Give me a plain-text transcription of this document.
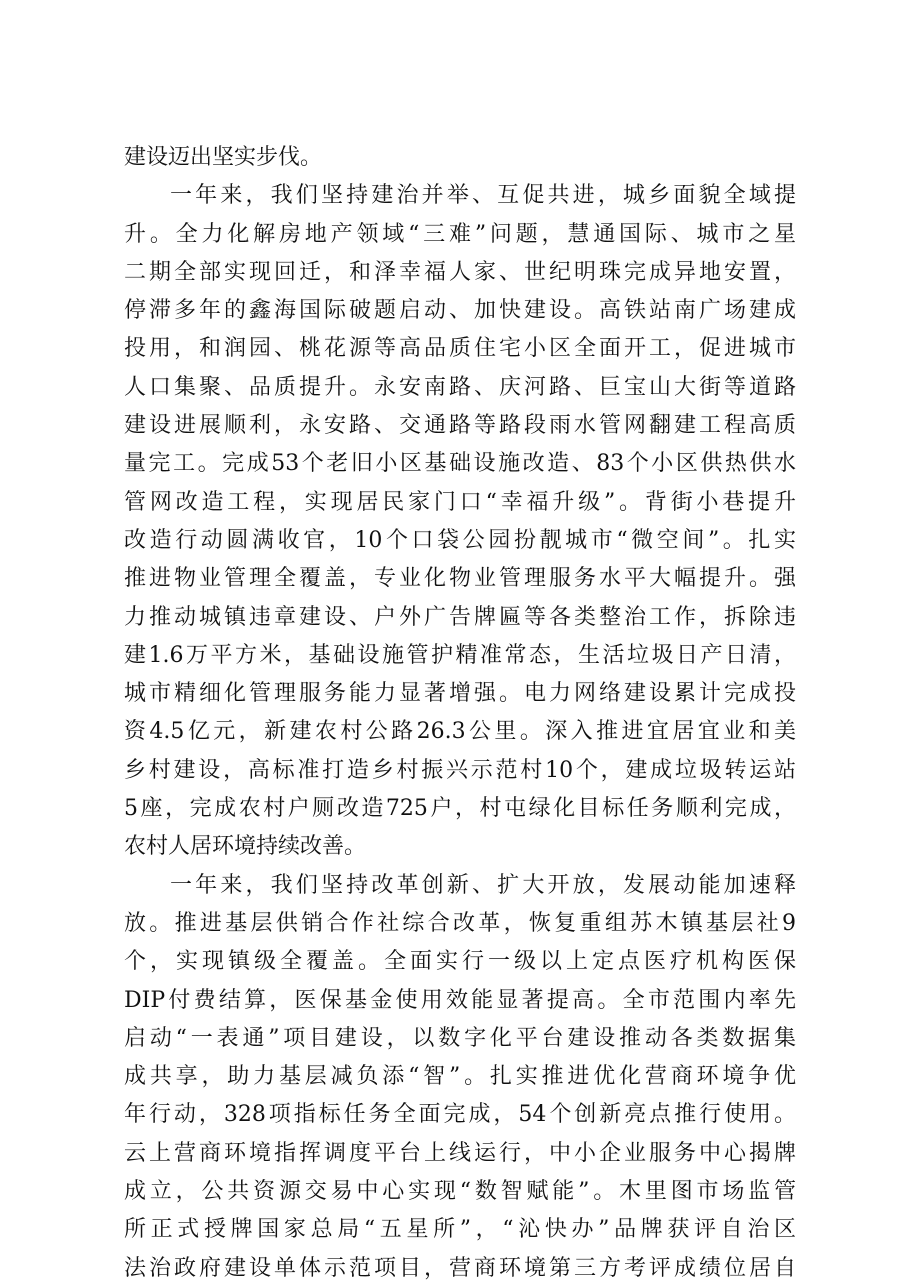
建设迈出坚实步伐。
一年来，我们坚持建治并举、互促共进，城乡面貌全域提
升。全力化解房地产领域“三难”问题，慧通国际、城市之星
二期全部实现回迁，和泽幸福人家、世纪明珠完成异地安置，
停滞多年的鑫海国际破题启动、加快建设。高铁站南广场建成
投用，和润园、桃花源等高品质住宅小区全面开工，促进城市
人口集聚、品质提升。永安南路、庆河路、巨宝山大街等道路
建设进展顺利，永安路、交通路等路段雨水管网翻建工程高质
量完工。完成53个老旧小区基础设施改造、83个小区供热供水
管网改造工程，实现居民家门口“幸福升级”。背街小巷提升
改造行动圆满收官，10个口袋公园扮靓城市“微空间”。扎实
推进物业管理全覆盖，专业化物业管理服务水平大幅提升。强
力推动城镇违章建设、户外广告牌匾等各类整治工作，拆除违
建1.6万平方米，基础设施管护精准常态，生活垃圾日产日清，
城市精细化管理服务能力显著增强。电力网络建设累计完成投
资4.5亿元，新建农村公路26.3公里。深入推进宜居宜业和美
乡村建设，高标准打造乡村振兴示范村10个，建成垃圾转运站
5座，完成农村户厕改造725户，村屯绿化目标任务顺利完成，
农村人居环境持续改善。
一年来，我们坚持改革创新、扩大开放，发展动能加速释
放。推进基层供销合作社综合改革，恢复重组苏木镇基层社9
个，实现镇级全覆盖。全面实行一级以上定点医疗机构医保
DIP付费结算，医保基金使用效能显著提高。全市范围内率先
启动“一表通”项目建设，以数字化平台建设推动各类数据集
成共享，助力基层减负添“智”。扎实推进优化营商环境争优
年行动，328项指标任务全面完成，54个创新亮点推行使用。
云上营商环境指挥调度平台上线运行，中小企业服务中心揭牌
成立，公共资源交易中心实现“数智赋能”。木里图市场监管
所正式授牌国家总局“五星所”，“沁快办”品牌获评自治区
法治政府建设单体示范项目，营商环境第三方考评成绩位居自
